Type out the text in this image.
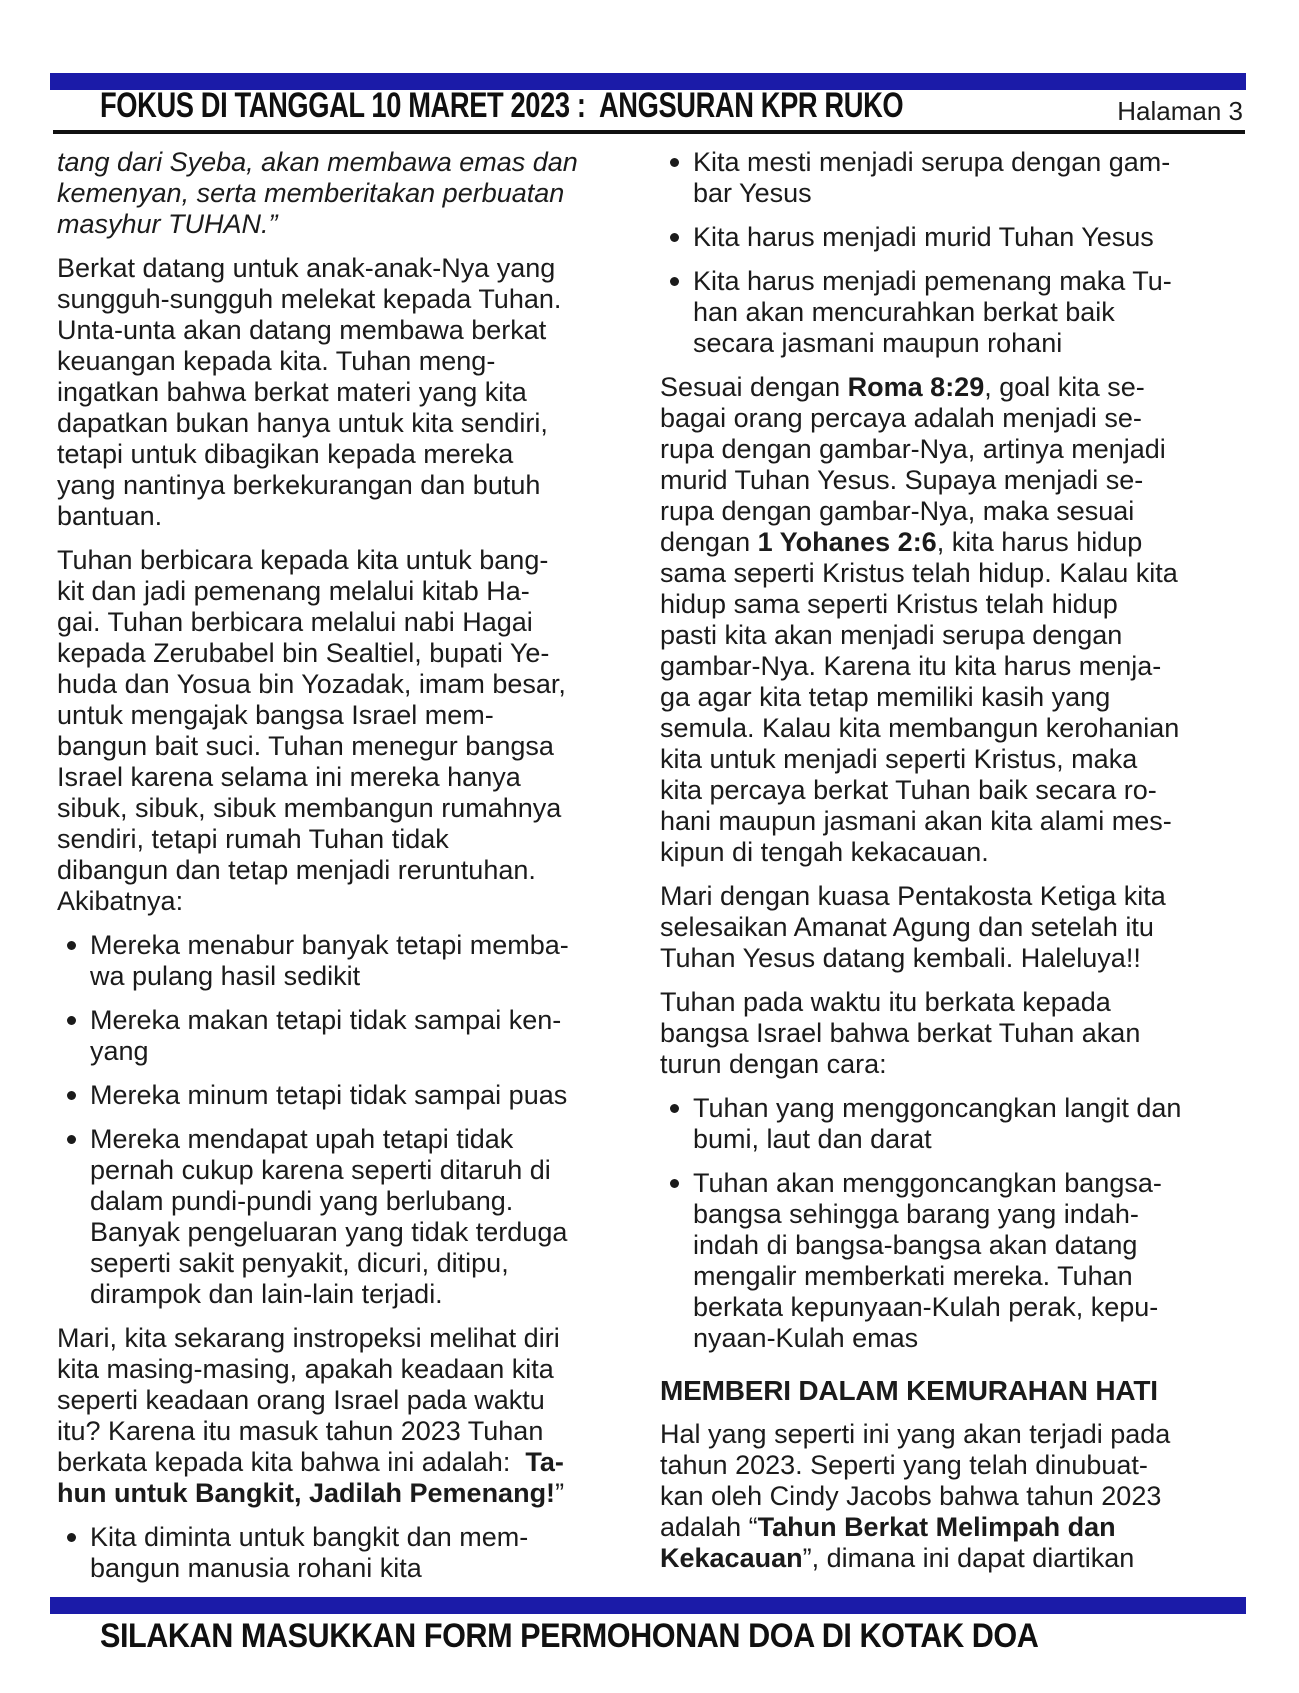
FOKUS DI TANGGAL 10 MARET 2023 :  ANGSURAN KPR RUKO	Halaman 3
tang dari Syeba, akan membawa emas dan
kemenyan, serta memberitakan perbuatan
masyhur TUHAN.”
Berkat datang untuk anak-anak-Nya yang
sungguh-sungguh melekat kepada Tuhan.
Unta-unta akan datang membawa berkat
keuangan kepada kita. Tuhan meng-
ingatkan bahwa berkat materi yang kita
dapatkan bukan hanya untuk kita sendiri,
tetapi untuk dibagikan kepada mereka
yang nantinya berkekurangan dan butuh
bantuan.
Tuhan berbicara kepada kita untuk bang-
kit dan jadi pemenang melalui kitab Ha-
gai. Tuhan berbicara melalui nabi Hagai
kepada Zerubabel bin Sealtiel, bupati Ye-
huda dan Yosua bin Yozadak, imam besar,
untuk mengajak bangsa Israel mem-
bangun bait suci. Tuhan menegur bangsa
Israel karena selama ini mereka hanya
sibuk, sibuk, sibuk membangun rumahnya
sendiri, tetapi rumah Tuhan tidak
dibangun dan tetap menjadi reruntuhan.
Akibatnya:
Mereka menabur banyak tetapi memba-
wa pulang hasil sedikit
Mereka makan tetapi tidak sampai ken-
yang
Mereka minum tetapi tidak sampai puas
Mereka mendapat upah tetapi tidak
pernah cukup karena seperti ditaruh di
dalam pundi-pundi yang berlubang.
Banyak pengeluaran yang tidak terduga
seperti sakit penyakit, dicuri, ditipu,
dirampok dan lain-lain terjadi.
Mari, kita sekarang instropeksi melihat diri
kita masing-masing, apakah keadaan kita
seperti keadaan orang Israel pada waktu
itu? Karena itu masuk tahun 2023 Tuhan
berkata kepada kita bahwa ini adalah:  Ta-
hun untuk Bangkit, Jadilah Pemenang!”
Kita diminta untuk bangkit dan mem-
bangun manusia rohani kita
Kita mesti menjadi serupa dengan gam-
bar Yesus
Kita harus menjadi murid Tuhan Yesus
Kita harus menjadi pemenang maka Tu-
han akan mencurahkan berkat baik
secara jasmani maupun rohani
Sesuai dengan Roma 8:29, goal kita se-
bagai orang percaya adalah menjadi se-
rupa dengan gambar-Nya, artinya menjadi
murid Tuhan Yesus. Supaya menjadi se-
rupa dengan gambar-Nya, maka sesuai
dengan 1 Yohanes 2:6, kita harus hidup
sama seperti Kristus telah hidup. Kalau kita
hidup sama seperti Kristus telah hidup
pasti kita akan menjadi serupa dengan
gambar-Nya. Karena itu kita harus menja-
ga agar kita tetap memiliki kasih yang
semula. Kalau kita membangun kerohanian
kita untuk menjadi seperti Kristus, maka
kita percaya berkat Tuhan baik secara ro-
hani maupun jasmani akan kita alami mes-
kipun di tengah kekacauan.
Mari dengan kuasa Pentakosta Ketiga kita
selesaikan Amanat Agung dan setelah itu
Tuhan Yesus datang kembali. Haleluya!!
Tuhan pada waktu itu berkata kepada
bangsa Israel bahwa berkat Tuhan akan
turun dengan cara:
Tuhan yang menggoncangkan langit dan
bumi, laut dan darat
Tuhan akan menggoncangkan bangsa-
bangsa sehingga barang yang indah-
indah di bangsa-bangsa akan datang
mengalir memberkati mereka. Tuhan
berkata kepunyaan-Kulah perak, kepu-
nyaan-Kulah emas
MEMBERI DALAM KEMURAHAN HATI
Hal yang seperti ini yang akan terjadi pada
tahun 2023. Seperti yang telah dinubuat-
kan oleh Cindy Jacobs bahwa tahun 2023
adalah “Tahun Berkat Melimpah dan
Kekacauan”, dimana ini dapat diartikan
SILAKAN MASUKKAN FORM PERMOHONAN DOA DI KOTAK DOA
